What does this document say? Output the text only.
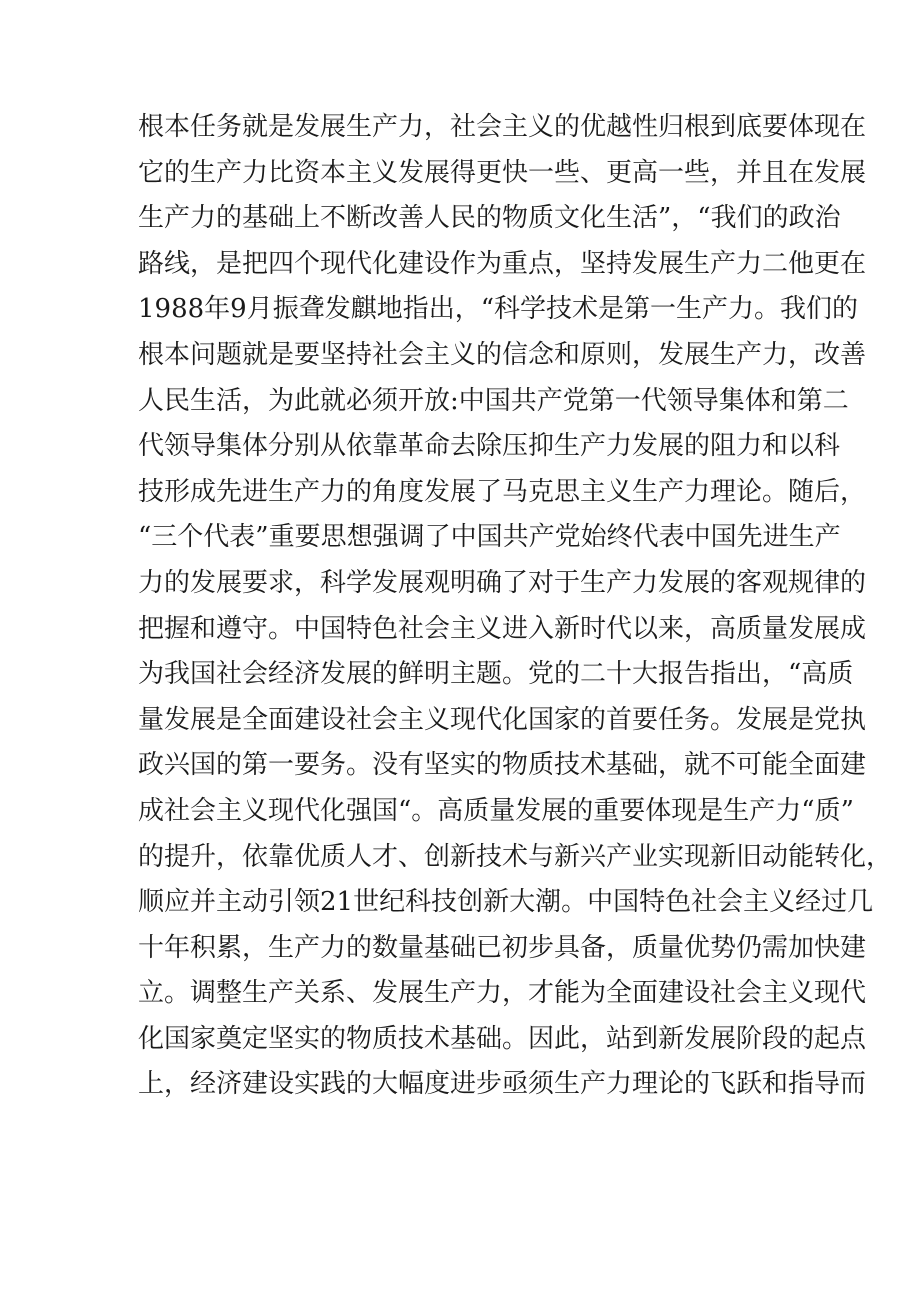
根本任务就是发展生产力，社会主义的优越性归根到底要体现在
它的生产力比资本主义发展得更快一些、更高一些，并且在发展
生产力的基础上不断改善人民的物质文化生活”，“我们的政治
路线，是把四个现代化建设作为重点，坚持发展生产力二他更在
1988年9月振聋发麒地指出，“科学技术是第一生产力。我们的
根本问题就是要坚持社会主义的信念和原则，发展生产力，改善
人民生活，为此就必须开放:中国共产党第一代领导集体和第二
代领导集体分别从依靠革命去除压抑生产力发展的阻力和以科
技形成先进生产力的角度发展了马克思主义生产力理论。随后，
“三个代表”重要思想强调了中国共产党始终代表中国先进生产
力的发展要求，科学发展观明确了对于生产力发展的客观规律的
把握和遵守。中国特色社会主义进入新时代以来，高质量发展成
为我国社会经济发展的鲜明主题。党的二十大报告指出，“高质
量发展是全面建设社会主义现代化国家的首要任务。发展是党执
政兴国的第一要务。没有坚实的物质技术基础，就不可能全面建
成社会主义现代化强国“。高质量发展的重要体现是生产力“质”
的提升，依靠优质人才、创新技术与新兴产业实现新旧动能转化，
顺应并主动引领21世纪科技创新大潮。中国特色社会主义经过几
十年积累，生产力的数量基础已初步具备，质量优势仍需加快建
立。调整生产关系、发展生产力，才能为全面建设社会主义现代
化国家奠定坚实的物质技术基础。因此，站到新发展阶段的起点
上，经济建设实践的大幅度进步亟须生产力理论的飞跃和指导而
